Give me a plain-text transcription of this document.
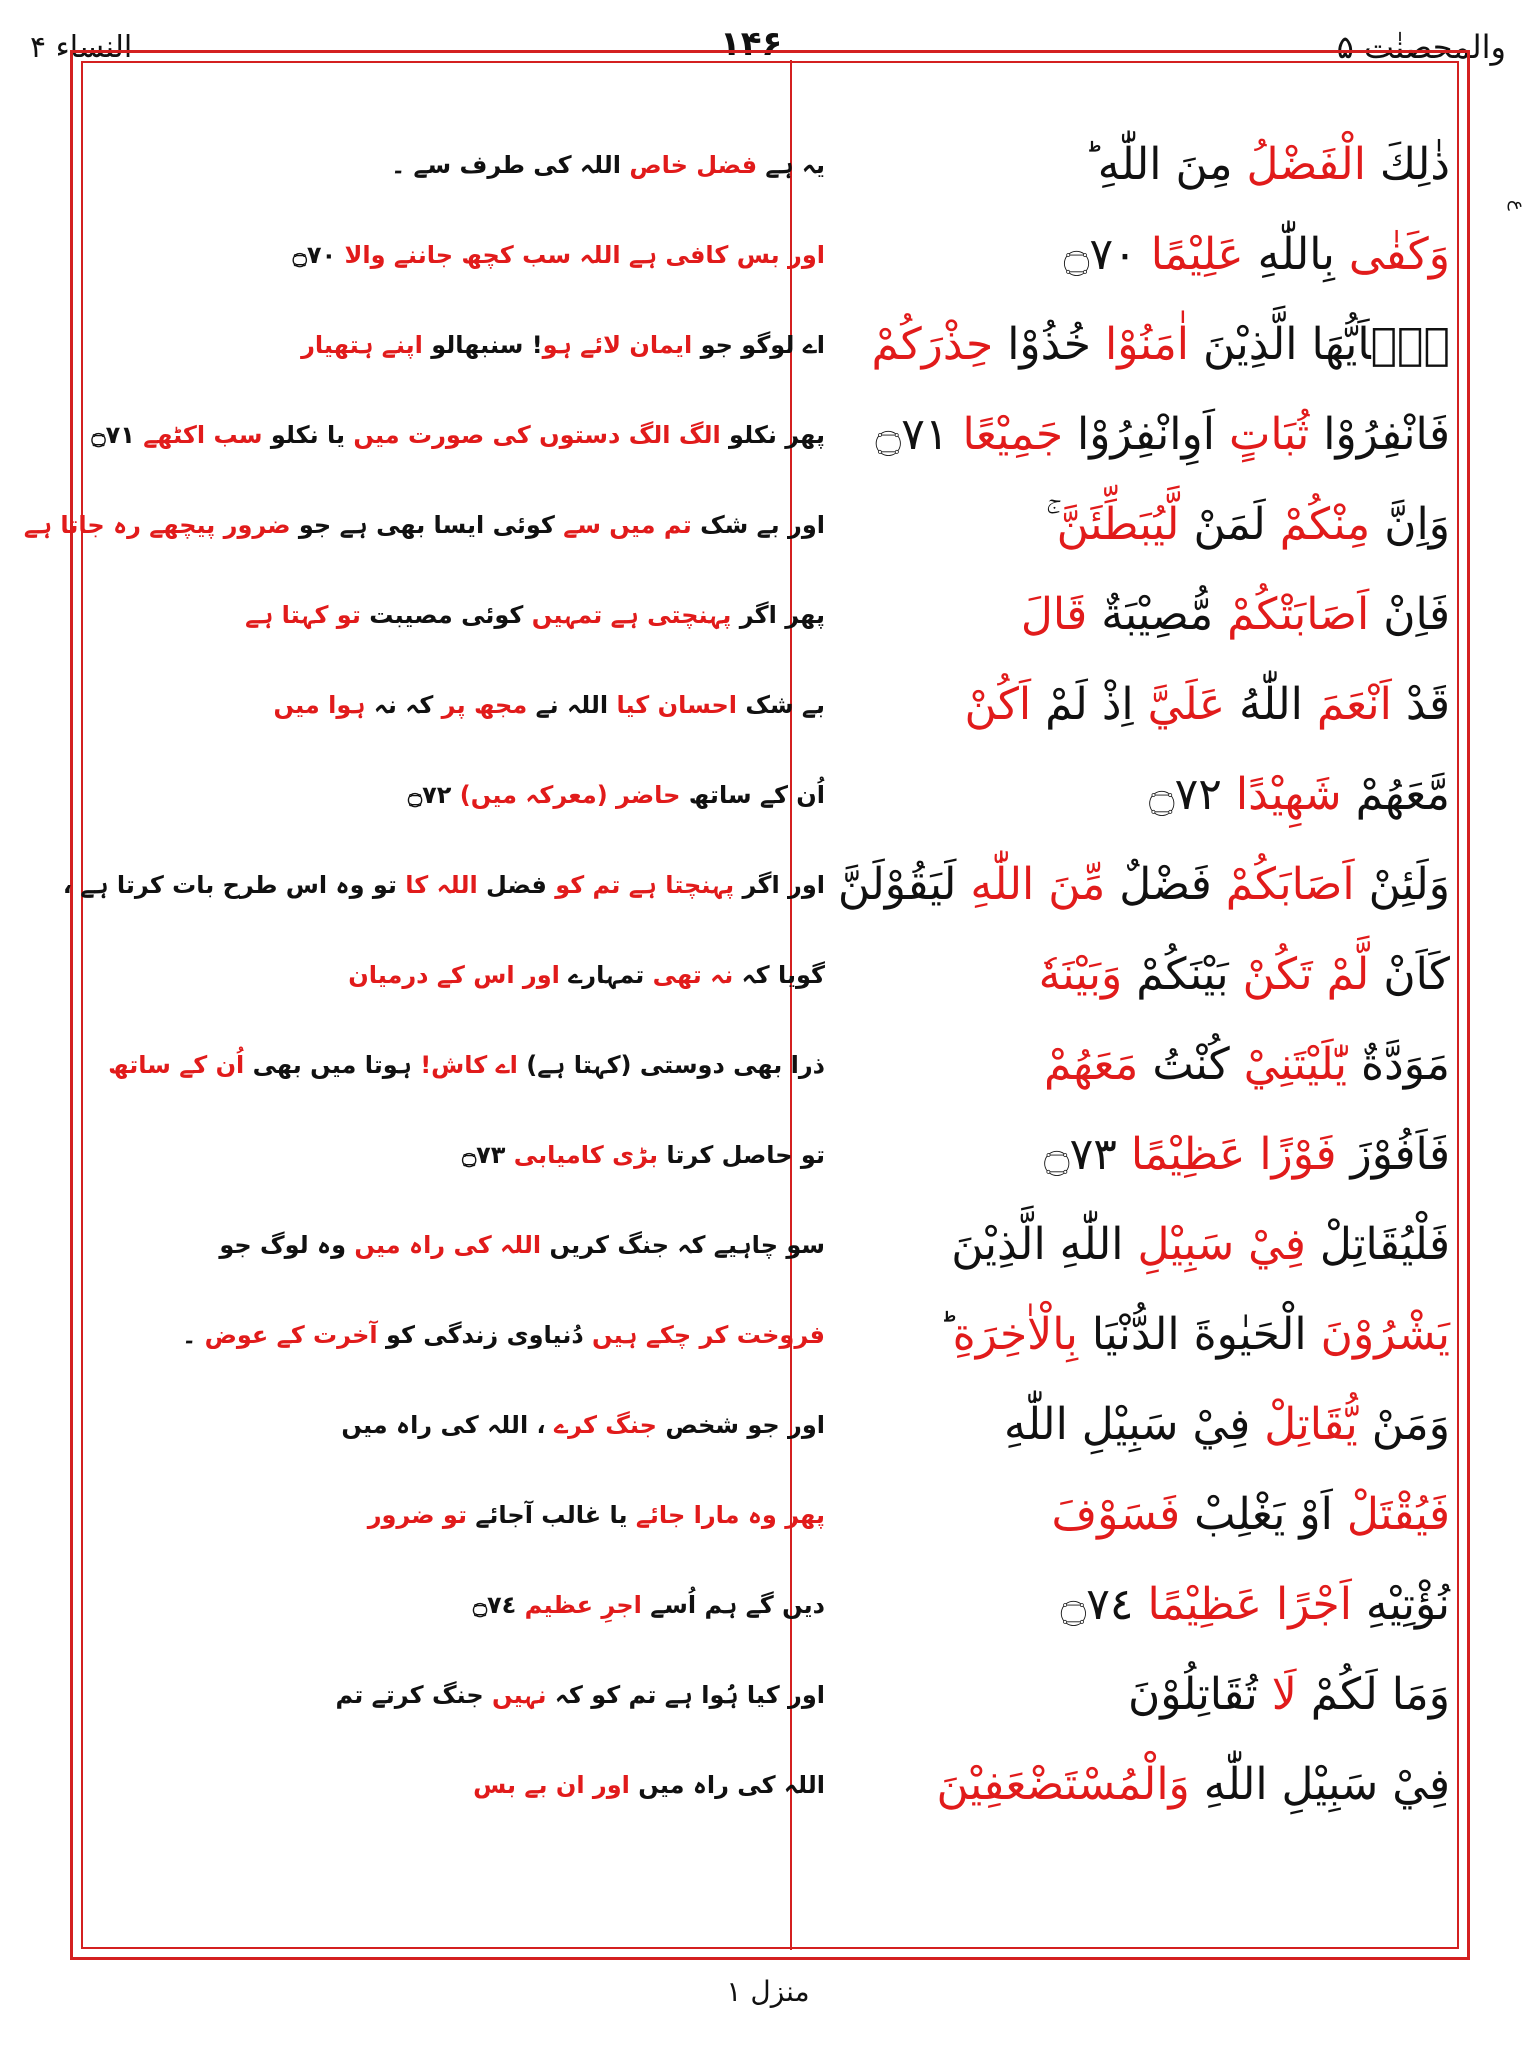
النساء ۴	۱۴۶	والمحصنٰت ۵
ع
ذٰلِكَ الْفَضْلُ مِنَ اللّٰهِ ؕ
یہ ہے فضل خاص اللہ کی طرف سے ۔
وَكَفٰى بِاللّٰهِ عَلِيْمًا ۝٧٠
اور بس کافی ہے اللہ سب کچھ جاننے والا ۝٧٠
يٰۤاَيُّهَا الَّذِيْنَ اٰمَنُوْا خُذُوْا حِذْرَكُمْ
اے لوگو جو ایمان لائے ہو! سنبھالو اپنے ہتھیار
فَانْفِرُوْا ثُبَاتٍ اَوِانْفِرُوْا جَمِيْعًا ۝٧١
پھر نکلو الگ الگ دستوں کی صورت میں یا نکلو سب اکٹھے ۝٧١
وَاِنَّ مِنْكُمْ لَمَنْ لَّيُبَطِّئَنَّ ۚ
اور بے شک تم میں سے کوئی ایسا بھی ہے جو ضرور پیچھے رہ جاتا ہے
فَاِنْ اَصَابَتْكُمْ مُّصِيْبَةٌ قَالَ
پھر اگر پہنچتی ہے تمہیں کوئی مصیبت تو کہتا ہے
قَدْ اَنْعَمَ اللّٰهُ عَلَيَّ اِذْ لَمْ اَكُنْ
بے شک احسان کیا اللہ نے مجھ پر کہ نہ ہوا میں
مَّعَهُمْ شَهِيْدًا ۝٧٢
اُن کے ساتھ حاضر (معرکہ میں) ۝٧٢
وَلَئِنْ اَصَابَكُمْ فَضْلٌ مِّنَ اللّٰهِ لَيَقُوْلَنَّ
اور اگر پہنچتا ہے تم کو فضل اللہ کا تو وہ اس طرح بات کرتا ہے ،
كَاَنْ لَّمْ تَكُنْ بَيْنَكُمْ وَبَيْنَهٗ
گویا کہ نہ تھی تمہارے اور اس کے درمیان
مَوَدَّةٌ يّٰلَيْتَنِيْ كُنْتُ مَعَهُمْ
ذرا بھی دوستی (کہتا ہے) اے کاش! ہوتا میں بھی اُن کے ساتھ
فَاَفُوْزَ فَوْزًا عَظِيْمًا ۝٧٣
تو حاصل کرتا بڑی کامیابی ۝٧٣
فَلْيُقَاتِلْ فِيْ سَبِيْلِ اللّٰهِ الَّذِيْنَ
سو چاہیے کہ جنگ کریں اللہ کی راہ میں وہ لوگ جو
يَشْرُوْنَ الْحَيٰوةَ الدُّنْيَا بِالْاٰخِرَةِ ؕ
فروخت کر چکے ہیں دُنیاوی زندگی کو آخرت کے عوض ۔
وَمَنْ يُّقَاتِلْ فِيْ سَبِيْلِ اللّٰهِ
اور جو شخص جنگ کرے ، اللہ کی راہ میں
فَيُقْتَلْ اَوْ يَغْلِبْ فَسَوْفَ
پھر وہ مارا جائے یا غالب آجائے تو ضرور
نُؤْتِيْهِ اَجْرًا عَظِيْمًا ۝٧٤
دیں گے ہم اُسے اجرِ عظیم ۝٧٤
وَمَا لَكُمْ لَا تُقَاتِلُوْنَ
اور کیا ہُوا ہے تم کو کہ نہیں جنگ کرتے تم
فِيْ سَبِيْلِ اللّٰهِ وَالْمُسْتَضْعَفِيْنَ
اللہ کی راہ میں اور ان بے بس
منزل ۱
